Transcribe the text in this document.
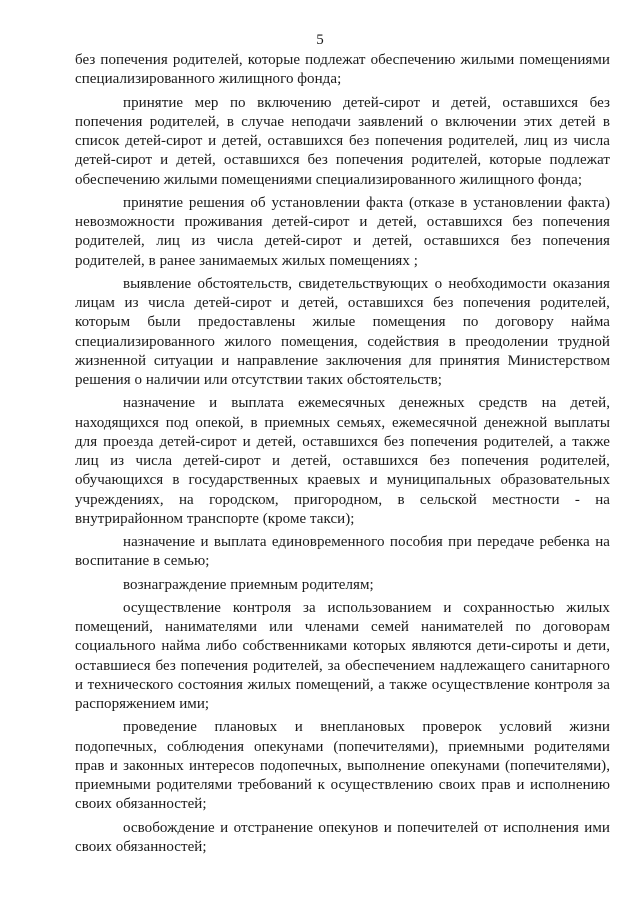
5

без попечения родителей, которые подлежат обеспечению жилыми помещениями специализированного жилищного фонда;

принятие мер по включению детей-сирот и детей, оставшихся без попечения родителей, в случае неподачи заявлений о включении этих детей в список детей-сирот и детей, оставшихся без попечения родителей, лиц из числа детей-сирот и детей, оставшихся без попечения родителей, которые подлежат обеспечению жилыми помещениями специализированного жилищного фонда;

принятие решения об установлении факта (отказе в установлении факта) невозможности проживания детей-сирот и детей, оставшихся без попечения родителей, лиц из числа детей-сирот и детей, оставшихся без попечения родителей, в ранее занимаемых жилых помещениях ;

выявление обстоятельств, свидетельствующих о необходимости оказания лицам из числа детей-сирот и детей, оставшихся без попечения родителей, которым были предоставлены жилые помещения по договору найма специализированного жилого помещения, содействия в преодолении трудной жизненной ситуации и направление заключения для принятия Министерством решения о наличии или отсутствии таких обстоятельств;

назначение и выплата ежемесячных денежных средств на детей, находящихся под опекой, в приемных семьях, ежемесячной денежной выплаты для проезда детей-сирот и детей, оставшихся без попечения родителей, а также лиц из числа детей-сирот и детей, оставшихся без попечения родителей, обучающихся в государственных краевых и муниципальных образовательных учреждениях, на городском, пригородном, в сельской местности - на внутрирайонном транспорте (кроме такси);

назначение и выплата единовременного пособия при передаче ребенка на воспитание в семью;

вознаграждение приемным родителям;

осуществление контроля за использованием и сохранностью жилых помещений, нанимателями или членами семей нанимателей по договорам социального найма либо собственниками которых являются дети-сироты и дети, оставшиеся без попечения родителей, за обеспечением надлежащего санитарного и технического состояния жилых помещений, а также осуществление контроля за распоряжением ими;

проведение плановых и внеплановых проверок условий жизни подопечных, соблюдения опекунами (попечителями), приемными родителями прав и законных интересов подопечных, выполнение опекунами (попечителями), приемными родителями требований к осуществлению своих прав и исполнению своих обязанностей;

освобождение и отстранение опекунов и попечителей от исполнения ими своих обязанностей;
